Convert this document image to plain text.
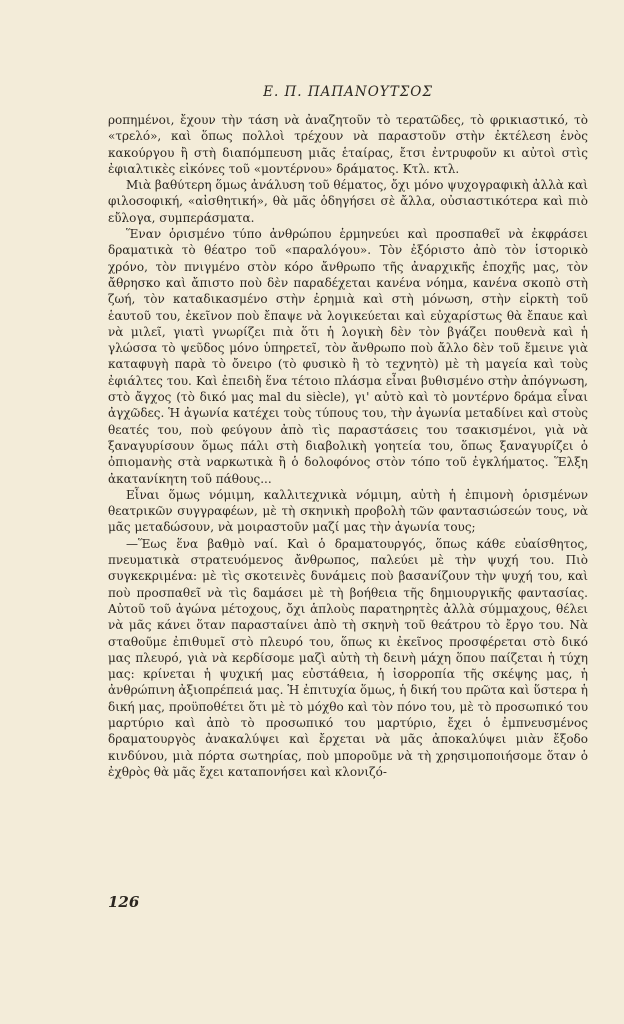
Ε. Π. ΠΑΠΑΝΟΥΤΣΟΣ

ροπημένοι, ἔχουν τὴν τάση νὰ ἀναζητοῦν τὸ τερατῶδες, τὸ φρικιαστικό, τὸ «τρελό», καὶ ὅπως πολλοὶ τρέχουν νὰ παραστοῦν στὴν ἐκτέλεση ἑνὸς κακούργου ἢ στὴ διαπόμπευση μιᾶς ἑταίρας, ἔτσι ἐντρυφοῦν κι αὐτοὶ στὶς ἐφιαλτικὲς εἰκόνες τοῦ «μοντέρνου» δράματος. Κτλ. κτλ.

Μιὰ βαθύτερη ὅμως ἀνάλυση τοῦ θέματος, ὄχι μόνο ψυχογραφικὴ ἀλλὰ καὶ φιλοσοφική, «αἰσθητική», θὰ μᾶς ὁδηγήσει σὲ ἄλλα, οὐσιαστικότερα καὶ πιὸ εὔλογα, συμπεράσματα.

Ἕναν ὁρισμένο τύπο ἀνθρώπου ἑρμηνεύει καὶ προσπαθεῖ νὰ ἐκφράσει δραματικὰ τὸ θέατρο τοῦ «παραλόγου». Τὸν ἐξόριστο ἀπὸ τὸν ἱστορικὸ χρόνο, τὸν πνιγμένο στὸν κόρο ἄνθρωπο τῆς ἀναρχικῆς ἐποχῆς μας, τὸν ἄθρησκο καὶ ἄπιστο ποὺ δὲν παραδέχεται κανένα νόημα, κανένα σκοπὸ στὴ ζωή, τὸν καταδικασμένο στὴν ἐρημιὰ καὶ στὴ μόνωση, στὴν εἱρκτὴ τοῦ ἑαυτοῦ του, ἐκεῖνον ποὺ ἔπαψε νὰ λογικεύεται καὶ εὐχαρίστως θὰ ἔπαυε καὶ νὰ μιλεῖ, γιατὶ γνωρίζει πιὰ ὅτι ἡ λογικὴ δὲν τὸν βγάζει πουθενὰ καὶ ἡ γλώσσα τὸ ψεῦδος μόνο ὑπηρετεῖ, τὸν ἄνθρωπο ποὺ ἄλλο δὲν τοῦ ἔμεινε γιὰ καταφυγὴ παρὰ τὸ ὄνειρο (τὸ φυσικὸ ἢ τὸ τεχνητὸ) μὲ τὴ μαγεία καὶ τοὺς ἐφιάλτες του. Καὶ ἐπειδὴ ἕνα τέτοιο πλάσμα εἶναι βυθισμένο στὴν ἀπόγνωση, στὸ ἄγχος (τὸ δικό μας mal du siècle), γι' αὐτὸ καὶ τὸ μοντέρνο δράμα εἶναι ἀγχῶδες. Ἡ ἀγωνία κατέχει τοὺς τύπους του, τὴν ἀγωνία μεταδίνει καὶ στοὺς θεατές του, ποὺ φεύγουν ἀπὸ τὶς παραστάσεις του τσακισμένοι, γιὰ νὰ ξαναγυρίσουν ὅμως πάλι στὴ διαβολικὴ γοητεία του, ὅπως ξαναγυρίζει ὁ ὀπιομανὴς στὰ ναρκωτικὰ ἢ ὁ δολοφόνος στὸν τόπο τοῦ ἐγκλήματος. Ἕλξη ἀκατανίκητη τοῦ πάθους...

Εἶναι ὅμως νόμιμη, καλλιτεχνικὰ νόμιμη, αὐτὴ ἡ ἐπιμονὴ ὁρισμένων θεατρικῶν συγγραφέων, μὲ τὴ σκηνικὴ προβολὴ τῶν φαντασιώσεών τους, νὰ μᾶς μεταδώσουν, νὰ μοιραστοῦν μαζί μας τὴν ἀγωνία τους;

—Ἕως ἕνα βαθμὸ ναί. Καὶ ὁ δραματουργός, ὅπως κάθε εὐαίσθητος, πνευματικὰ στρατευόμενος ἄνθρωπος, παλεύει μὲ τὴν ψυχή του. Πιὸ συγκεκριμένα: μὲ τὶς σκοτεινὲς δυνάμεις ποὺ βασανίζουν τὴν ψυχή του, καὶ ποὺ προσπαθεῖ νὰ τὶς δαμάσει μὲ τὴ βοήθεια τῆς δημιουργικῆς φαντασίας. Αὐτοῦ τοῦ ἀγώνα μέτοχους, ὄχι ἁπλοὺς παρατηρητὲς ἀλλὰ σύμμαχους, θέλει νὰ μᾶς κάνει ὅταν παρασταίνει ἀπὸ τὴ σκηνὴ τοῦ θεάτρου τὸ ἔργο του. Νὰ σταθοῦμε ἐπιθυμεῖ στὸ πλευρό του, ὅπως κι ἐκεῖνος προσφέρεται στὸ δικό μας πλευρό, γιὰ νὰ κερδίσομε μαζὶ αὐτὴ τὴ δεινὴ μάχη ὅπου παίζεται ἡ τύχη μας: κρίνεται ἡ ψυχική μας εὐστάθεια, ἡ ἰσορροπία τῆς σκέψης μας, ἡ ἀνθρώπινη ἀξιοπρέπειά μας. Ἡ ἐπιτυχία ὅμως, ἡ δική του πρῶτα καὶ ὕστερα ἡ δική μας, προϋποθέτει ὅτι μὲ τὸ μόχθο καὶ τὸν πόνο του, μὲ τὸ προσωπικό του μαρτύριο καὶ ἀπὸ τὸ προσωπικό του μαρτύριο, ἔχει ὁ ἐμπνευσμένος δραματουργὸς ἀνακαλύψει καὶ ἔρχεται νὰ μᾶς ἀποκαλύψει μιὰν ἔξοδο κινδύνου, μιὰ πόρτα σωτηρίας, ποὺ μποροῦμε νὰ τὴ χρησιμοποιήσομε ὅταν ὁ ἐχθρὸς θὰ μᾶς ἔχει καταπονήσει καὶ κλονιζό-

126
